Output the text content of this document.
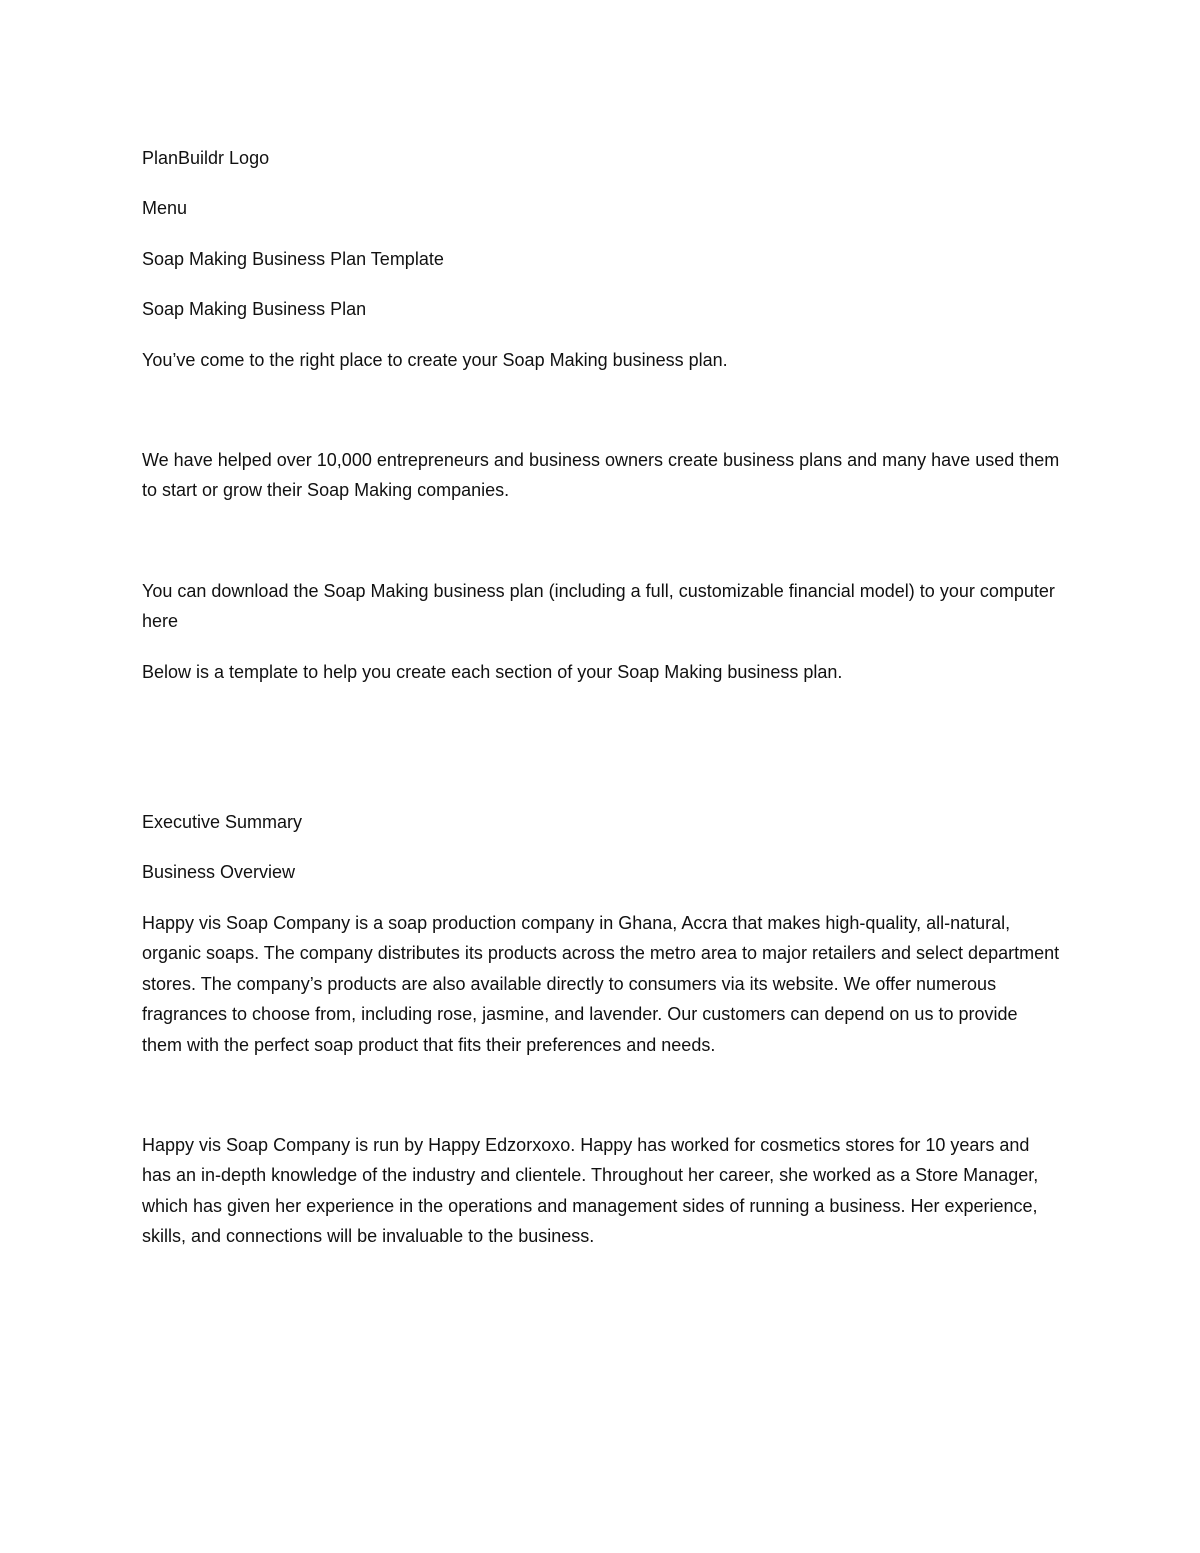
PlanBuildr Logo

Menu

Soap Making Business Plan Template

Soap Making Business Plan

You’ve come to the right place to create your Soap Making business plan.

We have helped over 10,000 entrepreneurs and business owners create business plans and many have used them to start or grow their Soap Making companies.

You can download the Soap Making business plan (including a full, customizable financial model) to your computer here

Below is a template to help you create each section of your Soap Making business plan.

Executive Summary

Business Overview

Happy vis Soap Company is a soap production company in Ghana, Accra that makes high-quality, all-natural, organic soaps. The company distributes its products across the metro area to major retailers and select department stores. The company’s products are also available directly to consumers via its website. We offer numerous fragrances to choose from, including rose, jasmine, and lavender. Our customers can depend on us to provide them with the perfect soap product that fits their preferences and needs.

Happy vis Soap Company is run by Happy Edzorxoxo. Happy has worked for cosmetics stores for 10 years and has an in-depth knowledge of the industry and clientele. Throughout her career, she worked as a Store Manager, which has given her experience in the operations and management sides of running a business. Her experience, skills, and connections will be invaluable to the business.
